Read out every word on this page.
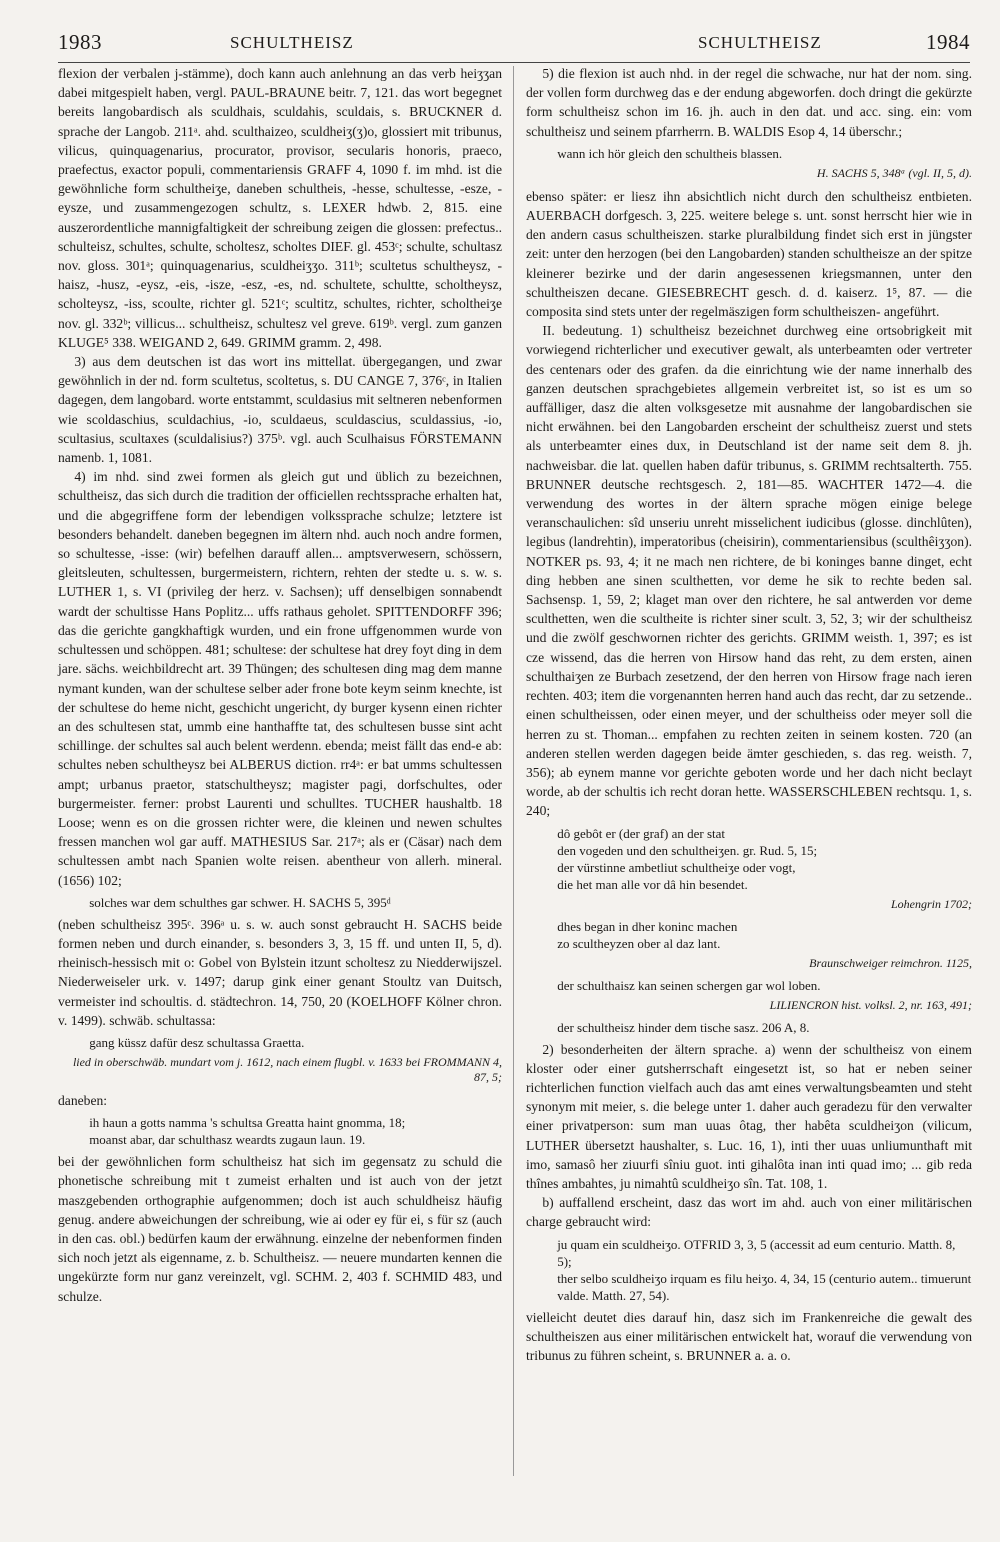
1983	SCHULTHEISZ	SCHULTHEISZ	1984

flexion der verbalen j-stämme), doch kann auch anlehnung an das verb heiʒʒan dabei mitgespielt haben, vergl. PAUL-BRAUNE beitr. 7, 121. das wort begegnet bereits langobardisch als sculdhais, sculdahis, sculdais, s. BRUCKNER d. sprache der Langob. 211ᵃ. ahd. sculthaizeo, sculdheiʒ(ʒ)o, glossiert mit tribunus, vilicus, quinquagenarius, procurator, provisor, secularis honoris, praeco, praefectus, exactor populi, commentariensis GRAFF 4, 1090 f. im mhd. ist die gewöhnliche form schultheiʒe, daneben schultheis, -hesse, schultesse, -esze, -eysze, und zusammengezogen schultz, s. LEXER hdwb. 2, 815. eine auszerordentliche mannigfaltigkeit der schreibung zeigen die glossen: prefectus.. schulteisz, schultes, schulte, scholtesz, scholtes DIEF. gl. 453ᶜ; schulte, schultasz nov. gloss. 301ᵃ; quinquagenarius, sculdheiʒʒo. 311ᵇ; scultetus schultheysz, -haisz, -husz, -eysz, -eis, -isze, -esz, -es, nd. schultete, schultte, scholtheysz, scholteysz, -iss, scoulte, richter gl. 521ᶜ; scultitz, schultes, richter, scholtheiʒe nov. gl. 332ᵇ; villicus... schultheisz, schultesz vel greve. 619ᵇ. vergl. zum ganzen KLUGE⁵ 338. WEIGAND 2, 649. GRIMM gramm. 2, 498.

3) aus dem deutschen ist das wort ins mittellat. übergegangen, und zwar gewöhnlich in der nd. form scultetus, scoltetus, s. DU CANGE 7, 376ᶜ, in Italien dagegen, dem langobard. worte entstammt, sculdasius mit seltneren nebenformen wie scoldaschius, sculdachius, -io, sculdaeus, sculdascius, sculdassius, -io, scultasius, scultaxes (sculdalisius?) 375ᵇ. vgl. auch Sculhaisus FÖRSTEMANN namenb. 1, 1081.

4) im nhd. sind zwei formen als gleich gut und üblich zu bezeichnen, schultheisz, das sich durch die tradition der officiellen rechtssprache erhalten hat, und die abgegriffene form der lebendigen volkssprache schulze; letztere ist besonders behandelt. daneben begegnen im ältern nhd. auch noch andre formen, so schultesse, -isse: (wir) befelhen darauff allen... amptsverwesern, schössern, gleitsleuten, schultessen, burgermeistern, richtern, rehten der stedte u. s. w. s. LUTHER 1, s. VI (privileg der herz. v. Sachsen); uff denselbigen sonnabendt wardt der schultisse Hans Poplitz... uffs rathaus geholet. SPITTENDORFF 396; das die gerichte gangkhaftigk wurden, und ein frone uffgenommen wurde von schultessen und schöppen. 481; schultese: der schultese hat drey foyt ding in dem jare. sächs. weichbildrecht art. 39 Thüngen; des schultesen ding mag dem manne nymant kunden, wan der schultese selber ader frone bote keym seinm knechte, ist der schultese do heme nicht, geschicht ungericht, dy burger kysenn einen richter an des schultesen stat, ummb eine hanthaffte tat, des schultesen busse sint acht schillinge. der schultes sal auch belent werdenn. ebenda; meist fällt das end-e ab: schultes neben schultheysz bei ALBERUS diction. rr4ᵃ: er bat umms schultessen ampt; urbanus praetor, statschultheysz; magister pagi, dorfschultes, oder burgermeister. ferner: probst Laurenti und schulltes. TUCHER haushaltb. 18 Loose; wenn es on die grossen richter were, die kleinen und newen schultes fressen manchen wol gar auff. MATHESIUS Sar. 217ᵃ; als er (Cäsar) nach dem schultessen ambt nach Spanien wolte reisen. abentheur von allerh. mineral. (1656) 102;

solches war dem schulthes gar schwer. H. SACHS 5, 395ᵈ

(neben schultheisz 395ᶜ. 396ᵃ u. s. w. auch sonst gebraucht H. SACHS beide formen neben und durch einander, s. besonders 3, 3, 15 ff. und unten II, 5, d). rheinisch-hessisch mit o: Gobel von Bylstein itzunt scholtesz zu Niedderwijszel. Niederweiseler urk. v. 1497; darup gink einer genant Stoultz van Duitsch, vermeister ind schoultis. d. städtechron. 14, 750, 20 (KOELHOFF Kölner chron. v. 1499). schwäb. schultassa:

gang küssz dafür desz schultassa Graetta.

lied in oberschwäb. mundart vom j. 1612, nach einem flugbl. v. 1633 bei FROMMANN 4, 87, 5;

daneben:

ih haun a gotts namma 's schultsa Greatta haint gnomma, 18;
moanst abar, dar schulthasz weardts zugaun laun. 19.

bei der gewöhnlichen form schultheisz hat sich im gegensatz zu schuld die phonetische schreibung mit t zumeist erhalten und ist auch von der jetzt maszgebenden orthographie aufgenommen; doch ist auch schuldheisz häufig genug. andere abweichungen der schreibung, wie ai oder ey für ei, s für sz (auch in den cas. obl.) bedürfen kaum der erwähnung. einzelne der nebenformen finden sich noch jetzt als eigenname, z. b. Schultheisz. — neuere mundarten kennen die ungekürzte form nur ganz vereinzelt, vgl. SCHM. 2, 403 f. SCHMID 483, und schulze.

5) die flexion ist auch nhd. in der regel die schwache, nur hat der nom. sing. der vollen form durchweg das e der endung abgeworfen. doch dringt die gekürzte form schultheisz schon im 16. jh. auch in den dat. und acc. sing. ein: vom schultheisz und seinem pfarrherrn. B. WALDIS Esop 4, 14 überschr.;

wann ich hör gleich den schultheis blassen.

H. SACHS 5, 348ᵃ (vgl. II, 5, d).

ebenso später: er liesz ihn absichtlich nicht durch den schultheisz entbieten. AUERBACH dorfgesch. 3, 225. weitere belege s. unt. sonst herrscht hier wie in den andern casus schultheiszen. starke pluralbildung findet sich erst in jüngster zeit: unter den herzogen (bei den Langobarden) standen schultheisze an der spitze kleinerer bezirke und der darin angesessenen kriegsmannen, unter den schultheiszen decane. GIESEBRECHT gesch. d. d. kaiserz. 1⁵, 87. — die composita sind stets unter der regelmäszigen form schultheiszen- angeführt.

II. bedeutung. 1) schultheisz bezeichnet durchweg eine ortsobrigkeit mit vorwiegend richterlicher und executiver gewalt, als unterbeamten oder vertreter des centenars oder des grafen. da die einrichtung wie der name innerhalb des ganzen deutschen sprachgebietes allgemein verbreitet ist, so ist es um so auffälliger, dasz die alten volksgesetze mit ausnahme der langobardischen sie nicht erwähnen. bei den Langobarden erscheint der schultheisz zuerst und stets als unterbeamter eines dux, in Deutschland ist der name seit dem 8. jh. nachweisbar. die lat. quellen haben dafür tribunus, s. GRIMM rechtsalterth. 755. BRUNNER deutsche rechtsgesch. 2, 181—85. WACHTER 1472—4. die verwendung des wortes in der ältern sprache mögen einige belege veranschaulichen: sîd unseriu unreht misselichent iudicibus (glosse. dinchlûten), legibus (landrehtin), imperatoribus (cheisirin), commentariensibus (sculthêiʒʒon). NOTKER ps. 93, 4; it ne mach nen richtere, de bi koninges banne dinget, echt ding hebben ane sinen sculthetten, vor deme he sik to rechte beden sal. Sachsensp. 1, 59, 2; klaget man over den richtere, he sal antwerden vor deme sculthetten, wen die scultheite is richter siner scult. 3, 52, 3; wir der schultheisz und die zwölf geschwornen richter des gerichts. GRIMM weisth. 1, 397; es ist cze wissend, das die herren von Hirsow hand das reht, zu dem ersten, ainen schulthaiʒen ze Burbach zesetzend, der den herren von Hirsow frage nach ieren rechten. 403; item die vorgenannten herren hand auch das recht, dar zu setzende.. einen schultheissen, oder einen meyer, und der schultheiss oder meyer soll die herren zu st. Thoman... empfahen zu rechten zeiten in seinem kosten. 720 (an anderen stellen werden dagegen beide ämter geschieden, s. das reg. weisth. 7, 356); ab eynem manne vor gerichte geboten worde und her dach nicht beclayt worde, ab der schultis ich recht doran hette. WASSERSCHLEBEN rechtsqu. 1, s. 240;

dô gebôt er (der graf) an der stat
den vogeden und den schultheiʒen. gr. Rud. 5, 15;
der vürstinne ambetliut schultheiʒe oder vogt,
die het man alle vor dâ hin besendet.

Lohengrin 1702;

dhes began in dher koninc machen
zo scultheyzen ober al daz lant.

Braunschweiger reimchron. 1125,

der schulthaisz kan seinen schergen gar wol loben.

LILIENCRON hist. volksl. 2, nr. 163, 491;

der schultheisz hinder dem tische sasz. 206 A, 8.

2) besonderheiten der ältern sprache. a) wenn der schultheisz von einem kloster oder einer gutsherrschaft eingesetzt ist, so hat er neben seiner richterlichen function vielfach auch das amt eines verwaltungsbeamten und steht synonym mit meier, s. die belege unter 1. daher auch geradezu für den verwalter einer privatperson: sum man uuas ôtag, ther habêta sculdheiʒon (vilicum, LUTHER übersetzt haushalter, s. Luc. 16, 1), inti ther uuas unliumunthaft mit imo, samasô her ziuurfi sîniu guot. inti gihalôta inan inti quad imo; ... gib reda thînes ambahtes, ju nimahtû sculdheiʒo sîn. Tat. 108, 1.

b) auffallend erscheint, dasz das wort im ahd. auch von einer militärischen charge gebraucht wird:

ju quam ein sculdheiʒo. OTFRID 3, 3, 5 (accessit ad eum centurio. Matth. 8, 5);
ther selbo sculdheiʒo irquam es filu heiʒo. 4, 34, 15 (centurio autem.. timuerunt valde. Matth. 27, 54).

vielleicht deutet dies darauf hin, dasz sich im Frankenreiche die gewalt des schultheiszen aus einer militärischen entwickelt hat, worauf die verwendung von tribunus zu führen scheint, s. BRUNNER a. a. o.
